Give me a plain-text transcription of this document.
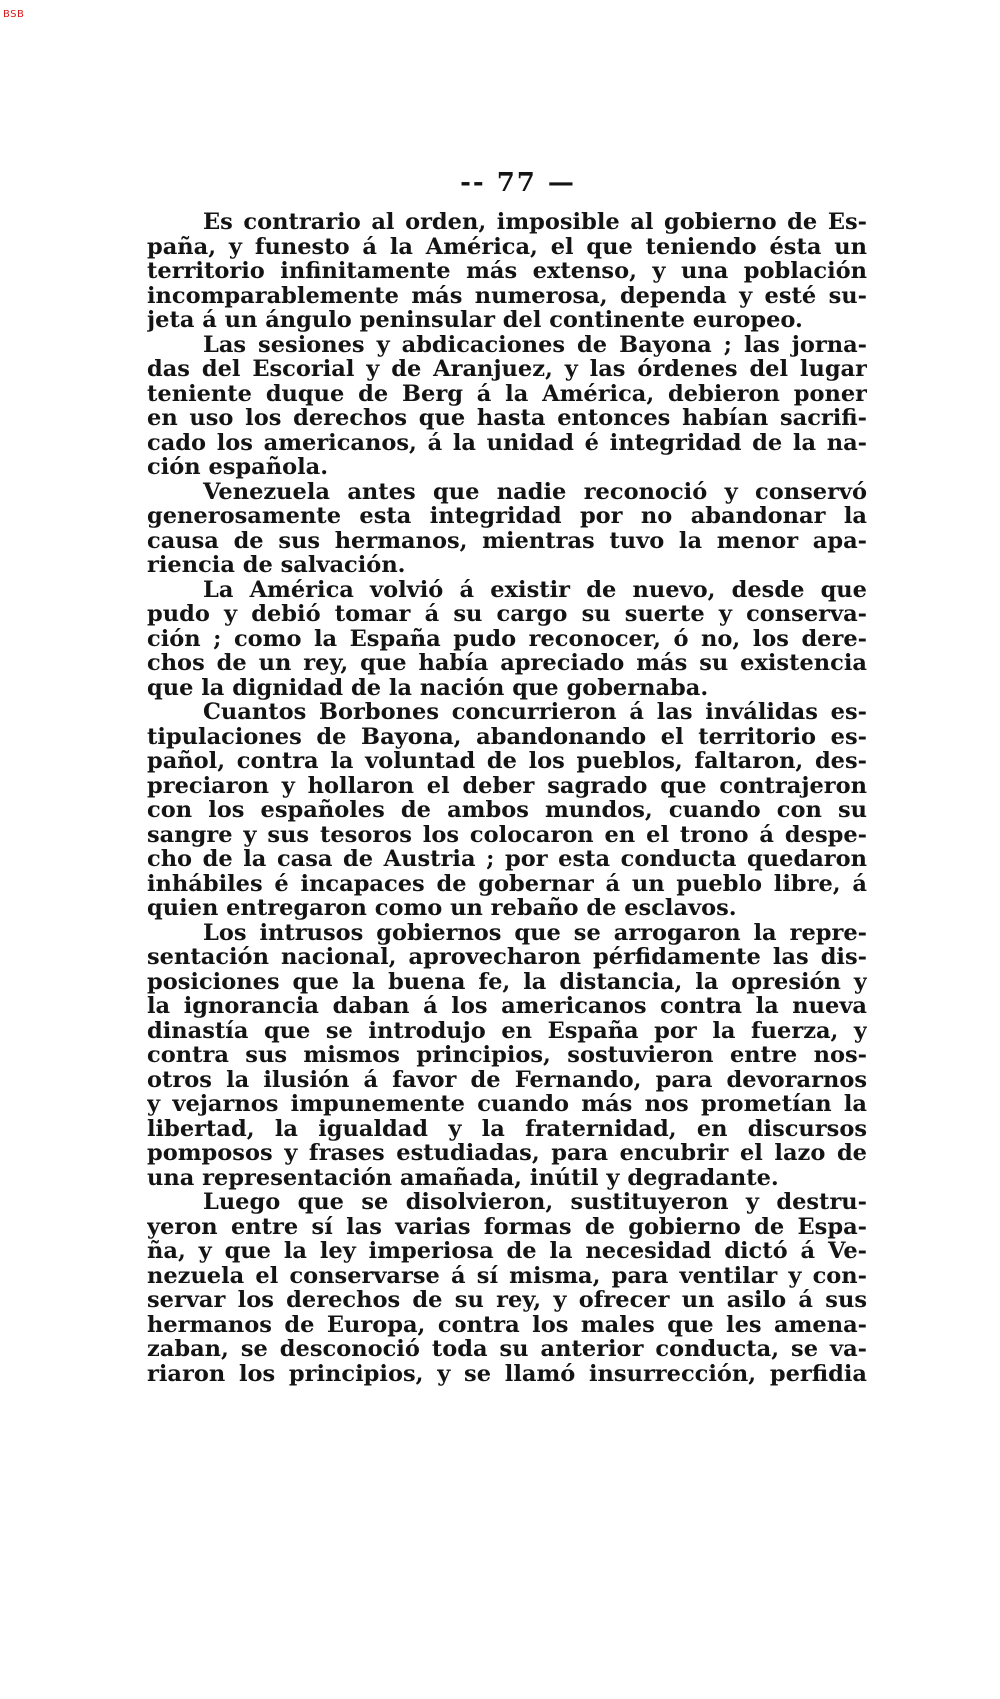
BSB
-- 77 —
Es contrario al orden, imposible al gobierno de Es-
paña, y funesto á la América, el que teniendo ésta un
territorio infinitamente más extenso, y una población
incomparablemente más numerosa, dependa y esté su-
jeta á un ángulo peninsular del continente europeo.
Las sesiones y abdicaciones de Bayona ; las jorna-
das del Escorial y de Aranjuez, y las órdenes del lugar
teniente duque de Berg á la América, debieron poner
en uso los derechos que hasta entonces habían sacrifi-
cado los americanos, á la unidad é integridad de la na-
ción española.
Venezuela antes que nadie reconoció y conservó
generosamente esta integridad por no abandonar la
causa de sus hermanos, mientras tuvo la menor apa-
riencia de salvación.
La América volvió á existir de nuevo, desde que
pudo y debió tomar á su cargo su suerte y conserva-
ción ; como la España pudo reconocer, ó no, los dere-
chos de un rey, que había apreciado más su existencia
que la dignidad de la nación que gobernaba.
Cuantos Borbones concurrieron á las inválidas es-
tipulaciones de Bayona, abandonando el territorio es-
pañol, contra la voluntad de los pueblos, faltaron, des-
preciaron y hollaron el deber sagrado que contrajeron
con los españoles de ambos mundos, cuando con su
sangre y sus tesoros los colocaron en el trono á despe-
cho de la casa de Austria ; por esta conducta quedaron
inhábiles é incapaces de gobernar á un pueblo libre, á
quien entregaron como un rebaño de esclavos.
Los intrusos gobiernos que se arrogaron la repre-
sentación nacional, aprovecharon pérfidamente las dis-
posiciones que la buena fe, la distancia, la opresión y
la ignorancia daban á los americanos contra la nueva
dinastía que se introdujo en España por la fuerza, y
contra sus mismos principios, sostuvieron entre nos-
otros la ilusión á favor de Fernando, para devorarnos
y vejarnos impunemente cuando más nos prometían la
libertad, la igualdad y la fraternidad, en discursos
pomposos y frases estudiadas, para encubrir el lazo de
una representación amañada, inútil y degradante.
Luego que se disolvieron, sustituyeron y destru-
yeron entre sí las varias formas de gobierno de Espa-
ña, y que la ley imperiosa de la necesidad dictó á Ve-
nezuela el conservarse á sí misma, para ventilar y con-
servar los derechos de su rey, y ofrecer un asilo á sus
hermanos de Europa, contra los males que les amena-
zaban, se desconoció toda su anterior conducta, se va-
riaron los principios, y se llamó insurrección, perfidia
